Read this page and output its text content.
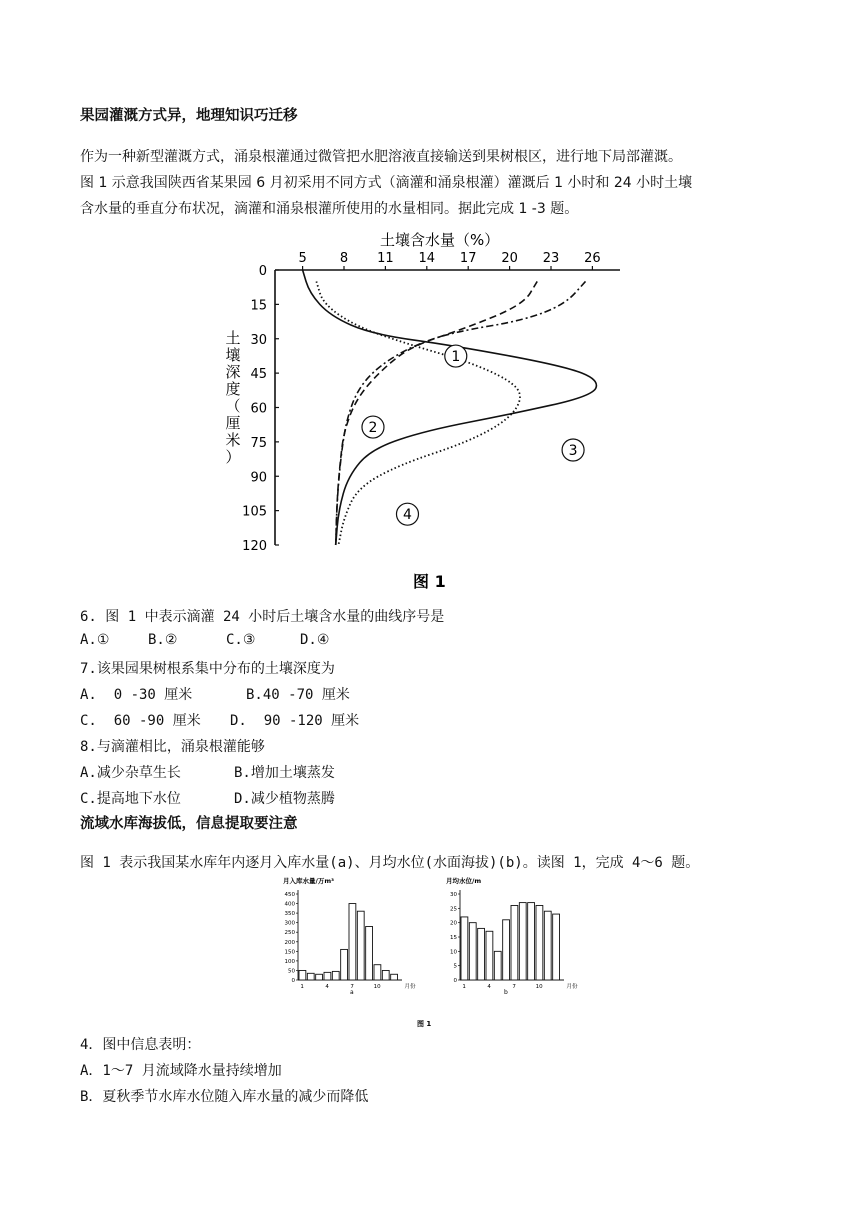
果园灌溉方式异，地理知识巧迁移
作为一种新型灌溉方式，涌泉根灌通过微管把水肥溶液直接输送到果树根区，进行地下局部灌溉。
图 1 示意我国陕西省某果园 6 月初采用不同方式（滴灌和涌泉根灌）灌溉后 1 小时和 24 小时土壤
含水量的垂直分布状况，滴灌和涌泉根灌所使用的水量相同。据此完成 1 -3 题。
土壤含水量（%）
5	8 11 14 17 20 23 26
0
15
30
45
60
75
90
105
120
土
壤
深
度
（
厘
米
）
1
2
3
4
图 1
6. 图 1 中表示滴灌 24 小时后土壤含水量的曲线序号是
A.①	B.②	C.③	D.④
7.该果园果树根系集中分布的土壤深度为
A.  0 -30 厘米	B.40 -70 厘米
C.  60 -90 厘米 D.  90 -120 厘米
8.与滴灌相比，涌泉根灌能够
A.减少杂草生长	B.增加土壤蒸发
C.提高地下水位	D.减少植物蒸腾
流域水库海拔低，信息提取要注意
图 1 表示我国某水库年内逐月入库水量(a)、月均水位(水面海拔)(b)。读图 1，完成 4～6 题。
月入库水量/万m³	月均水位/m
0
50
100
150
200
250
300
350
400
450
1	4	7	10	月份
0
5
10
15
20
25
30
1	4	7	10	月份
a	b
图 1
4．图中信息表明：
A．1～7 月流域降水量持续增加
B．夏秋季节水库水位随入库水量的减少而降低
